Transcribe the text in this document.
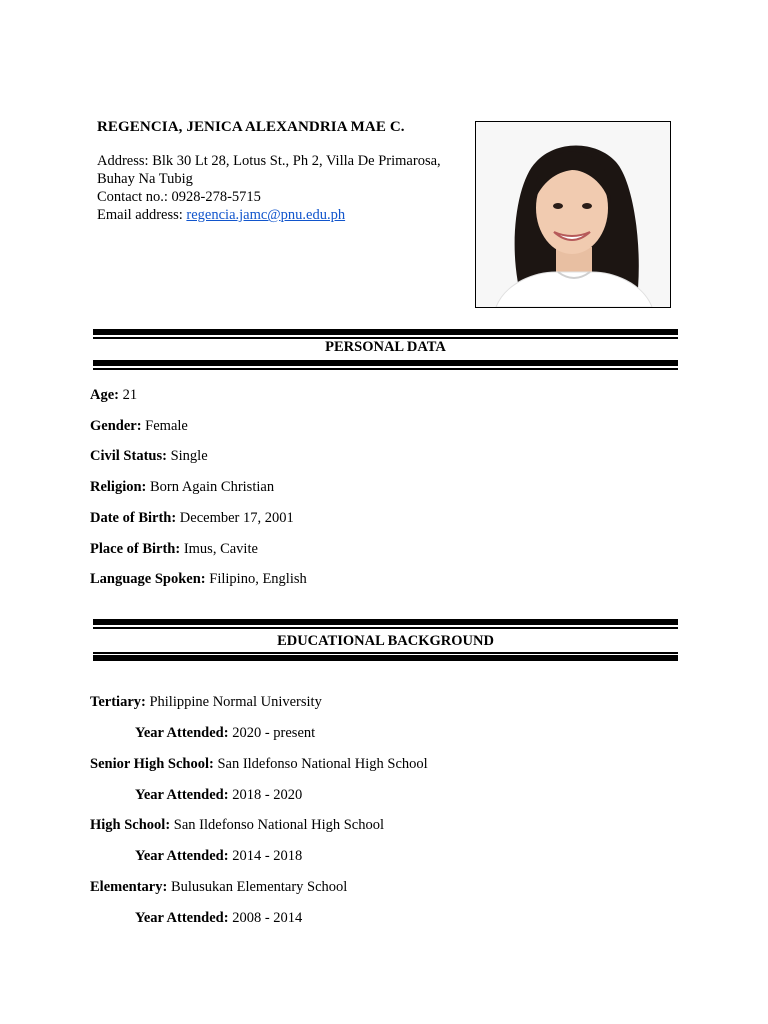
REGENCIA, JENICA ALEXANDRIA MAE C.
Address: Blk 30 Lt 28, Lotus St., Ph 2, Villa De Primarosa,
Buhay Na Tubig
Contact no.: 0928-278-5715
Email address: regencia.jamc@pnu.edu.ph
PERSONAL DATA
Age: 21
Gender: Female
Civil Status: Single
Religion: Born Again Christian
Date of Birth: December 17, 2001
Place of Birth: Imus, Cavite
Language Spoken: Filipino, English
EDUCATIONAL BACKGROUND
Tertiary: Philippine Normal University
Year Attended: 2020 - present
Senior High School: San Ildefonso National High School
Year Attended: 2018 - 2020
High School: San Ildefonso National High School
Year Attended: 2014 - 2018
Elementary: Bulusukan Elementary School
Year Attended: 2008 - 2014
